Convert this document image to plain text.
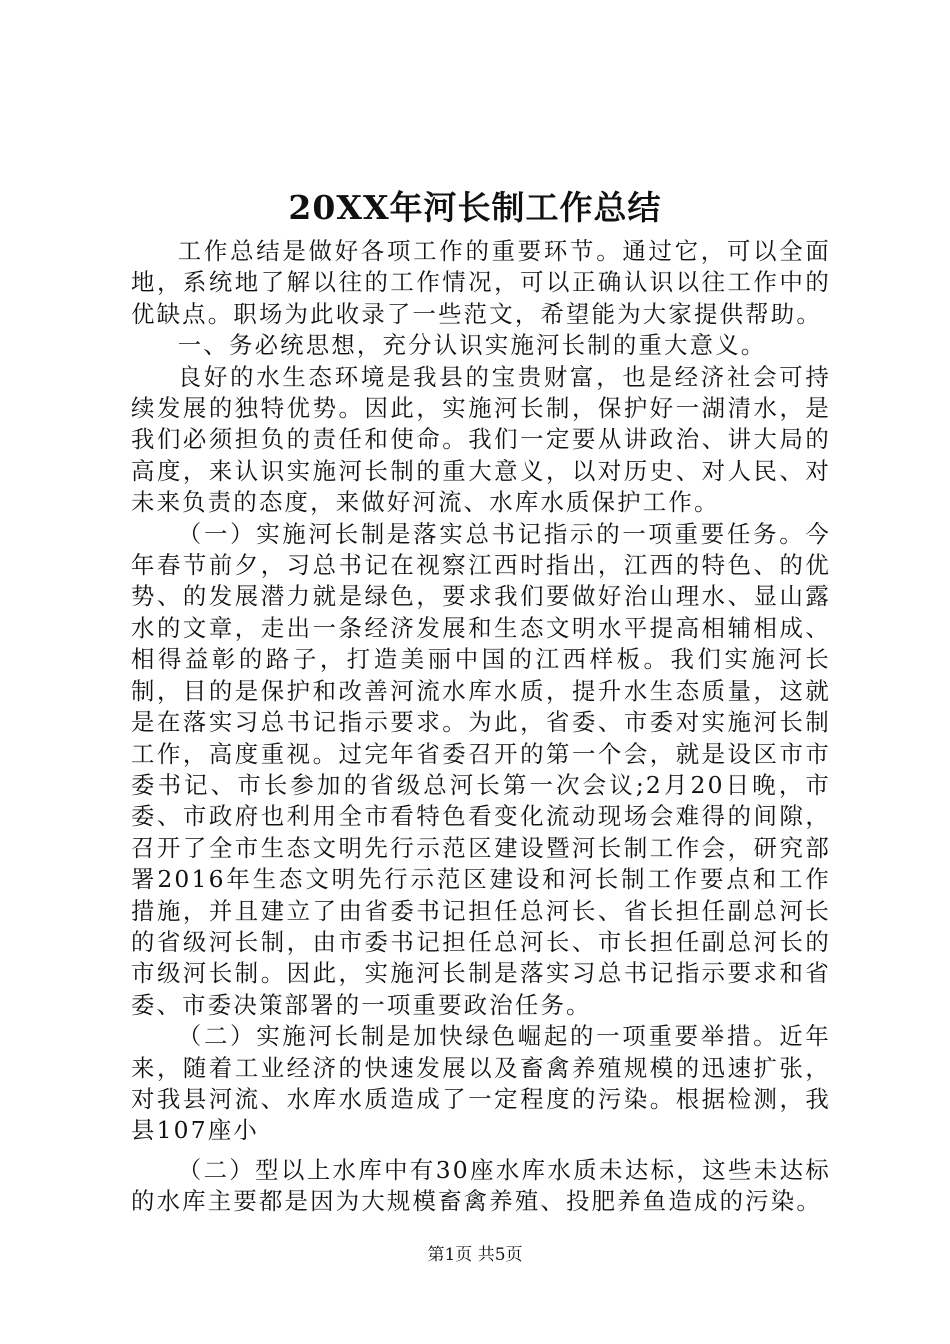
20XX年河长制工作总结

工作总结是做好各项工作的重要环节。通过它，可以全面地，系统地了解以往的工作情况，可以正确认识以往工作中的优缺点。职场为此收录了一些范文，希望能为大家提供帮助。

一、务必统思想，充分认识实施河长制的重大意义。

良好的水生态环境是我县的宝贵财富，也是经济社会可持续发展的独特优势。因此，实施河长制，保护好一湖清水，是我们必须担负的责任和使命。我们一定要从讲政治、讲大局的高度，来认识实施河长制的重大意义，以对历史、对人民、对未来负责的态度，来做好河流、水库水质保护工作。

（一）实施河长制是落实总书记指示的一项重要任务。今年春节前夕，习总书记在视察江西时指出，江西的特色、的优势、的发展潜力就是绿色，要求我们要做好治山理水、显山露水的文章，走出一条经济发展和生态文明水平提高相辅相成、相得益彰的路子，打造美丽中国的江西样板。我们实施河长制，目的是保护和改善河流水库水质，提升水生态质量，这就是在落实习总书记指示要求。为此，省委、市委对实施河长制工作，高度重视。过完年省委召开的第一个会，就是设区市市委书记、市长参加的省级总河长第一次会议;2月20日晚，市委、市政府也利用全市看特色看变化流动现场会难得的间隙，召开了全市生态文明先行示范区建设暨河长制工作会，研究部署2016年生态文明先行示范区建设和河长制工作要点和工作措施，并且建立了由省委书记担任总河长、省长担任副总河长的省级河长制，由市委书记担任总河长、市长担任副总河长的市级河长制。因此，实施河长制是落实习总书记指示要求和省委、市委决策部署的一项重要政治任务。

（二）实施河长制是加快绿色崛起的一项重要举措。近年来，随着工业经济的快速发展以及畜禽养殖规模的迅速扩张，对我县河流、水库水质造成了一定程度的污染。根据检测，我县107座小

（二）型以上水库中有30座水库水质未达标，这些未达标的水库主要都是因为大规模畜禽养殖、投肥养鱼造成的污染。

第1页 共5页
